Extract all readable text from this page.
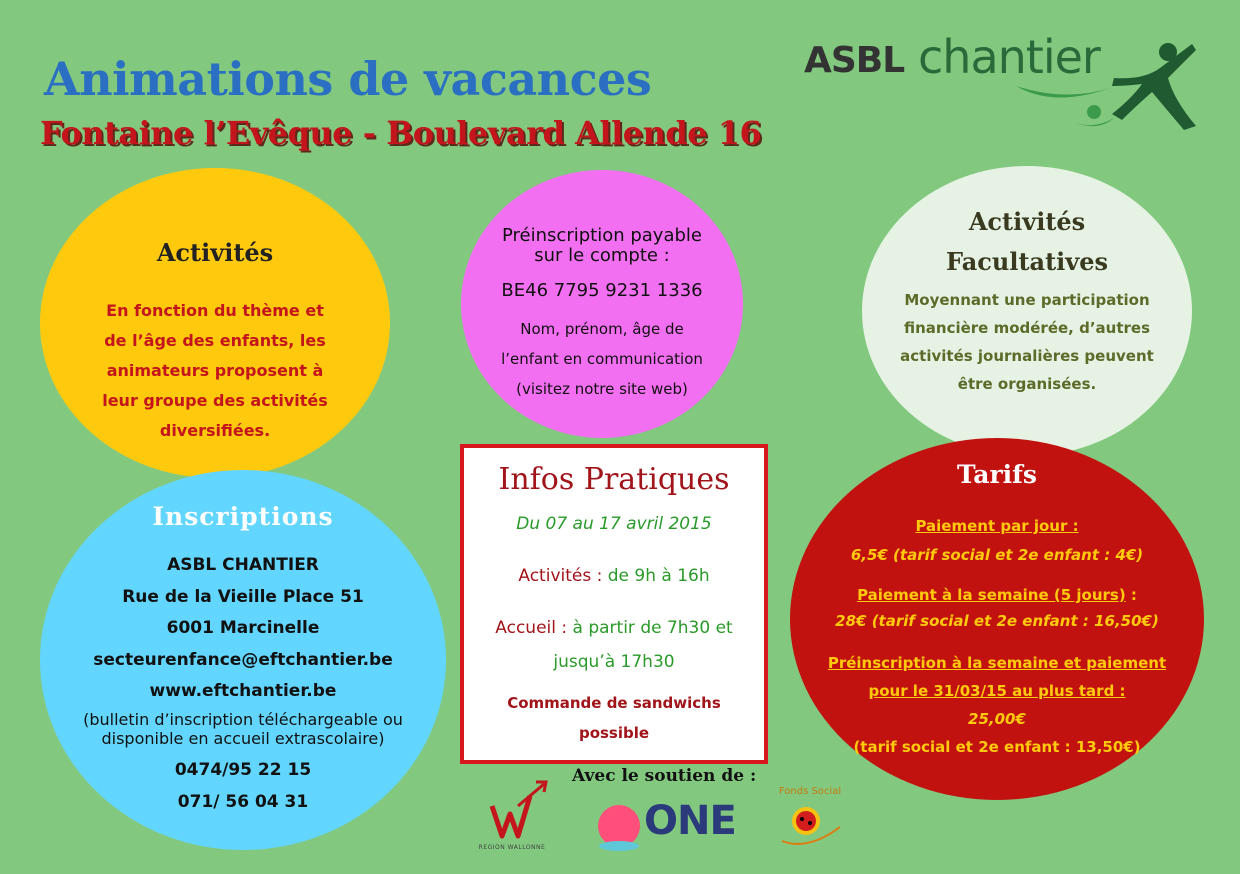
Animations de vacances
Fontaine l’Evêque - Boulevard Allende 16
ASBL chantier
Activités
En fonction du thème et
de l’âge des enfants, les
animateurs proposent à
leur groupe des activités
diversifiées.
Préinscription payable
sur le compte :
BE46 7795 9231 1336
Nom, prénom, âge de
l’enfant en communication
(visitez notre site web)
Activités
Facultatives
Moyennant une participation
financière modérée, d’autres
activités journalières peuvent
être organisées.
Inscriptions
ASBL CHANTIER
Rue de la Vieille Place 51
6001 Marcinelle
secteurenfance@eftchantier.be
www.eftchantier.be
(bulletin d’inscription téléchargeable ou
disponible en accueil extrascolaire)
0474/95 22 15
071/ 56 04 31
Infos Pratiques
Du 07 au 17 avril 2015
Activités : de 9h à 16h
Accueil : à partir de 7h30 et
jusqu’à 17h30
Commande de sandwichs
possible
Tarifs
Paiement par jour :
6,5€ (tarif social et 2e enfant : 4€)
Paiement à la semaine (5 jours) :
28€ (tarif social et 2e enfant : 16,50€)
Préinscription à la semaine et paiement
pour le 31/03/15 au plus tard :
25,00€
(tarif social et 2e enfant : 13,50€)
Avec le soutien de :
REGION WALLONNE
ONE
Fonds Social
